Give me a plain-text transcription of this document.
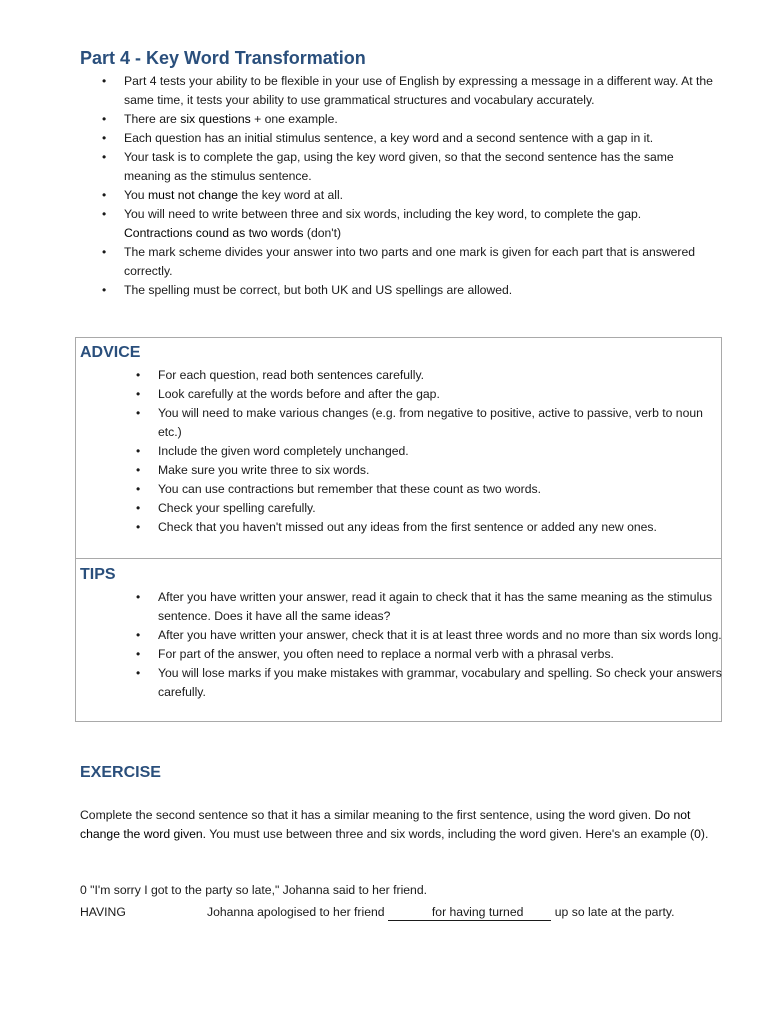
Part 4 - Key Word Transformation
• Part 4 tests your ability to be flexible in your use of English by expressing a message in a different way. At the same time, it tests your ability to use grammatical structures and vocabulary accurately.
• There are six questions + one example.
• Each question has an initial stimulus sentence, a key word and a second sentence with a gap in it.
• Your task is to complete the gap, using the key word given, so that the second sentence has the same meaning as the stimulus sentence.
• You must not change the key word at all.
• You will need to write between three and six words, including the key word, to complete the gap.
Contractions cound as two words (don't)
• The mark scheme divides your answer into two parts and one mark is given for each part that is answered correctly.
• The spelling must be correct, but both UK and US spellings are allowed.
ADVICE
• For each question, read both sentences carefully.
• Look carefully at the words before and after the gap.
• You will need to make various changes (e.g. from negative to positive, active to passive, verb to noun etc.)
• Include the given word completely unchanged.
• Make sure you write three to six words.
• You can use contractions but remember that these count as two words.
• Check your spelling carefully.
• Check that you haven't missed out any ideas from the first sentence or added any new ones.
TIPS
• After you have written your answer, read it again to check that it has the same meaning as the stimulus sentence. Does it have all the same ideas?
• After you have written your answer, check that it is at least three words and no more than six words long.
• For part of the answer, you often need to replace a normal verb with a phrasal verbs.
• You will lose marks if you make mistakes with grammar, vocabulary and spelling. So check your answers carefully.
EXERCISE

Complete the second sentence so that it has a similar meaning to the first sentence, using the word given. Do not change the word given. You must use between three and six words, including the word given. Here's an example (0).

0 "I'm sorry I got to the party so late," Johanna said to her friend.
HAVING	Johanna apologised to her friend	for having turned up so late at the party.
